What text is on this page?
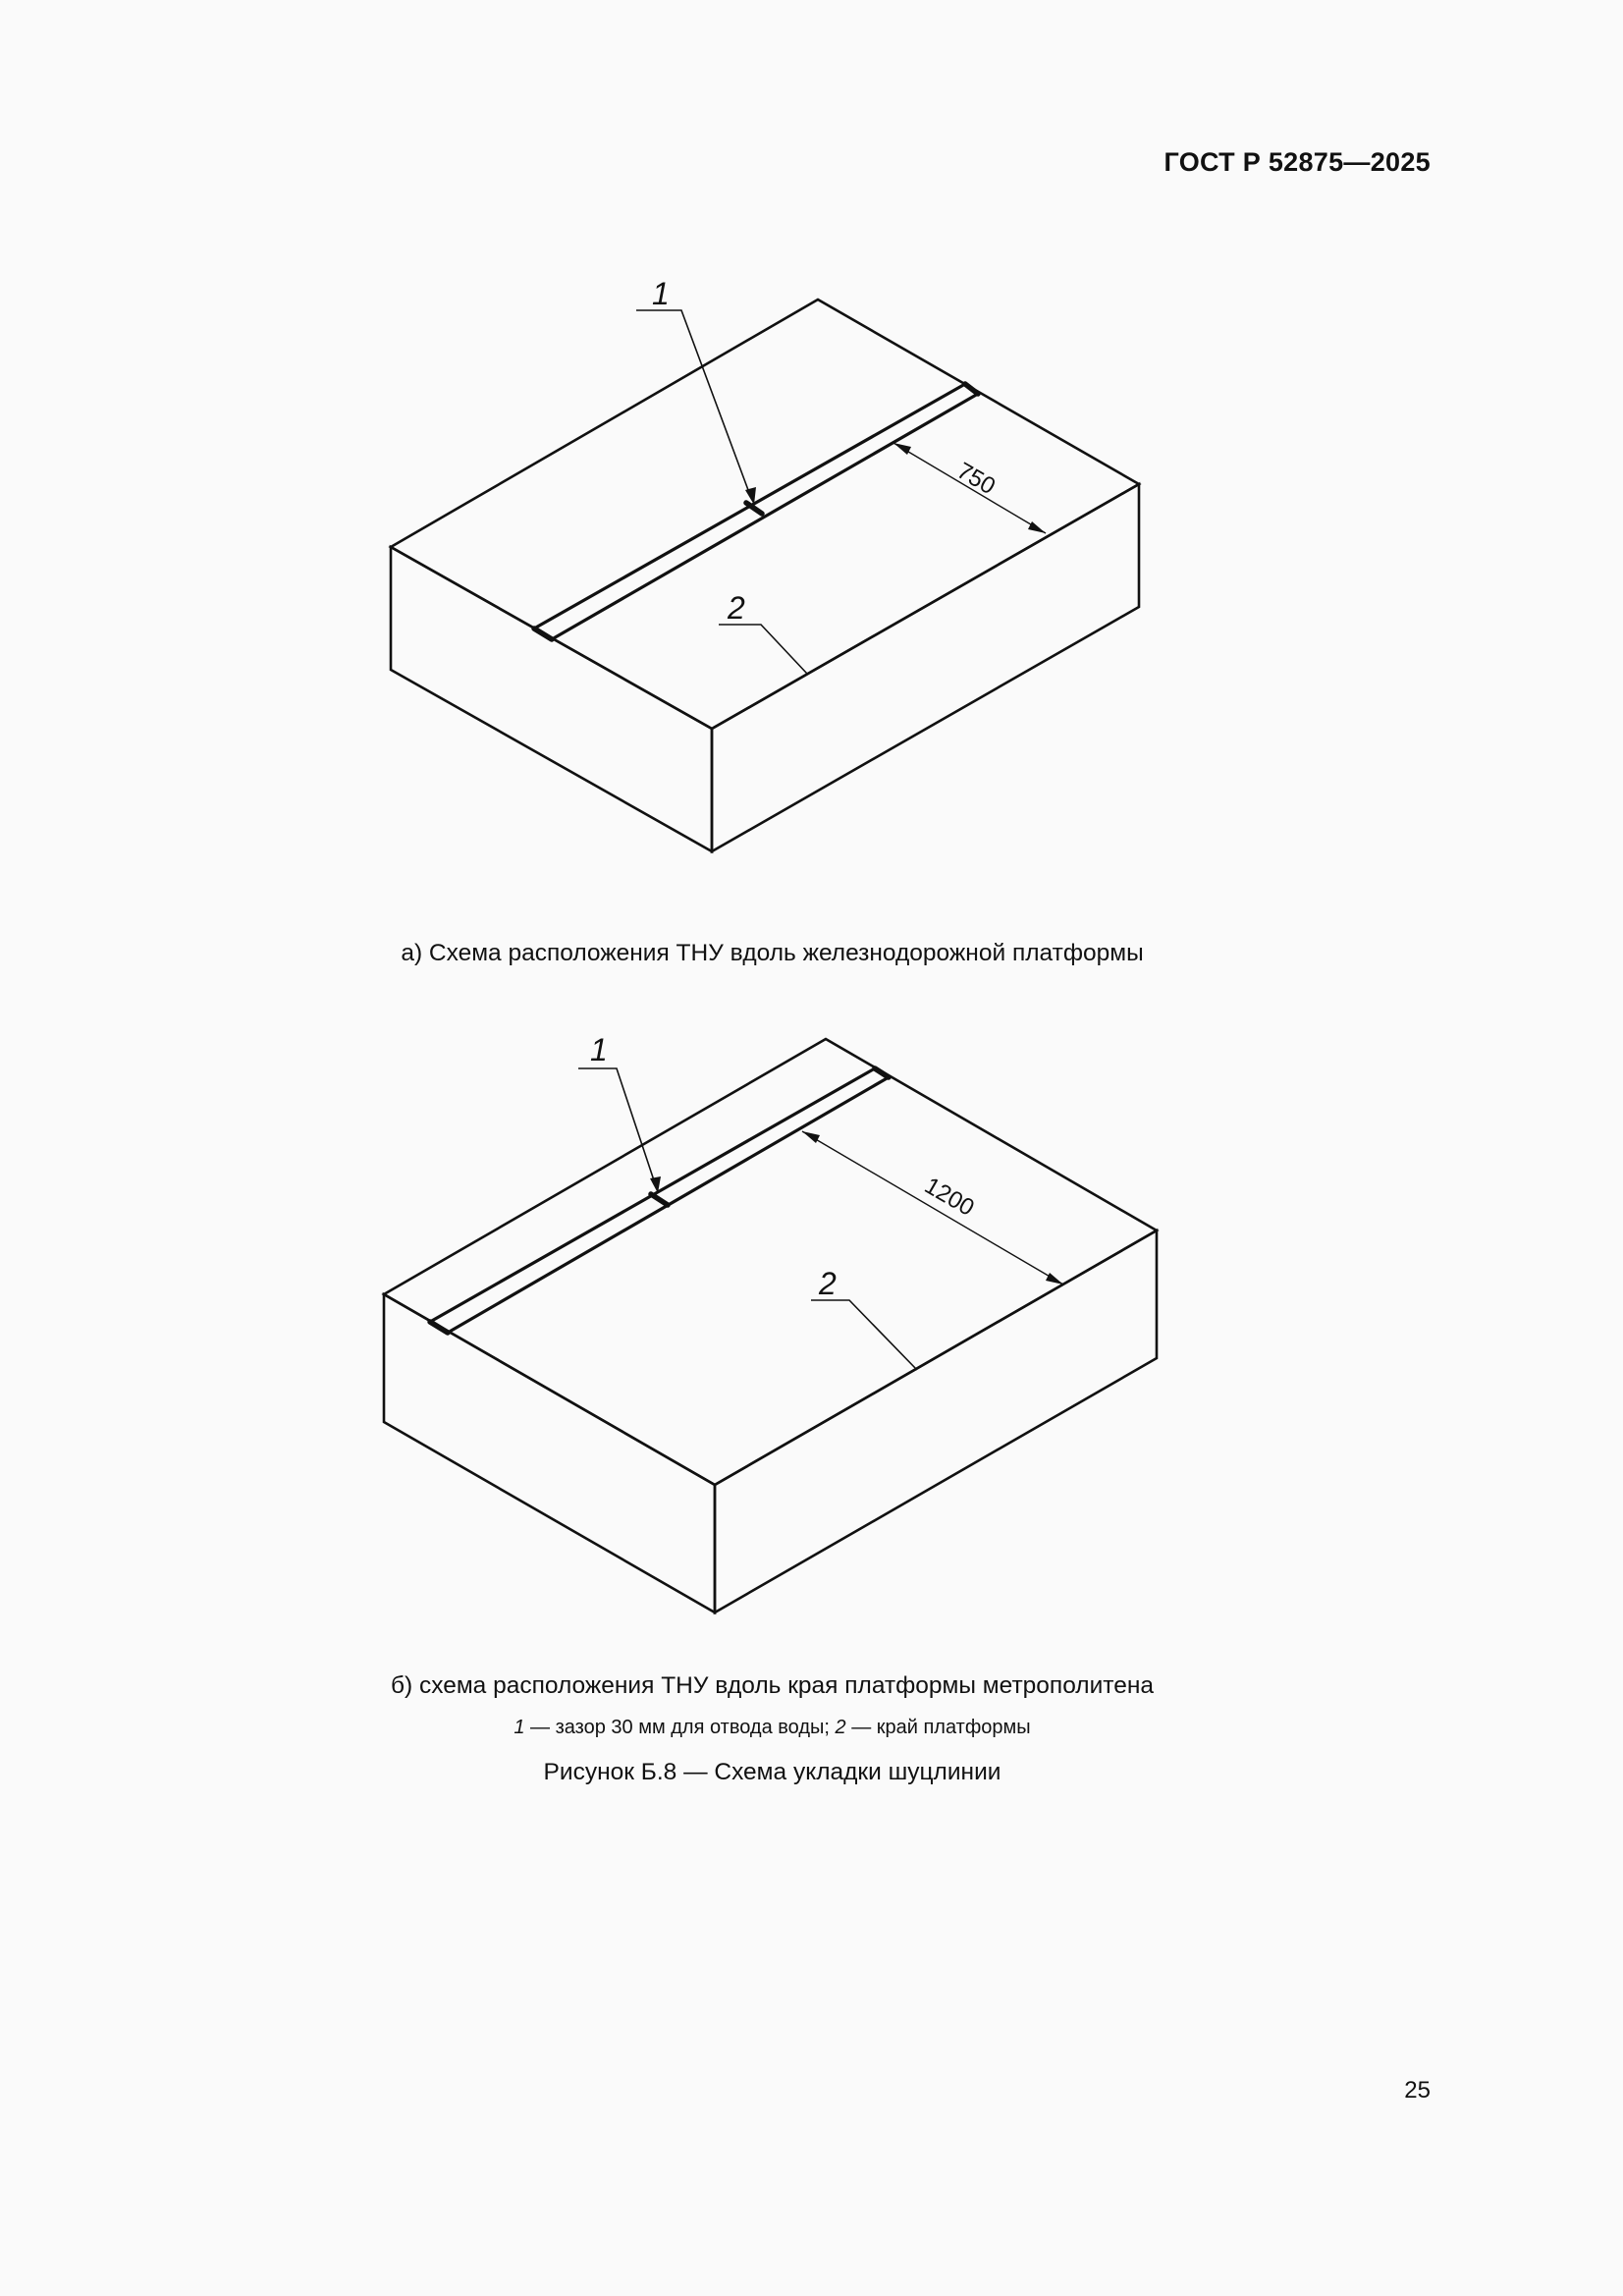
ГОСТ Р 52875—2025
1
2
750
а) Схема расположения ТНУ вдоль железнодорожной платформы
1
2
1200
б) схема расположения ТНУ вдоль края платформы метрополитена
1 — зазор 30 мм для отвода воды; 2 — край платформы
Рисунок Б.8 — Схема укладки шуцлинии
25
